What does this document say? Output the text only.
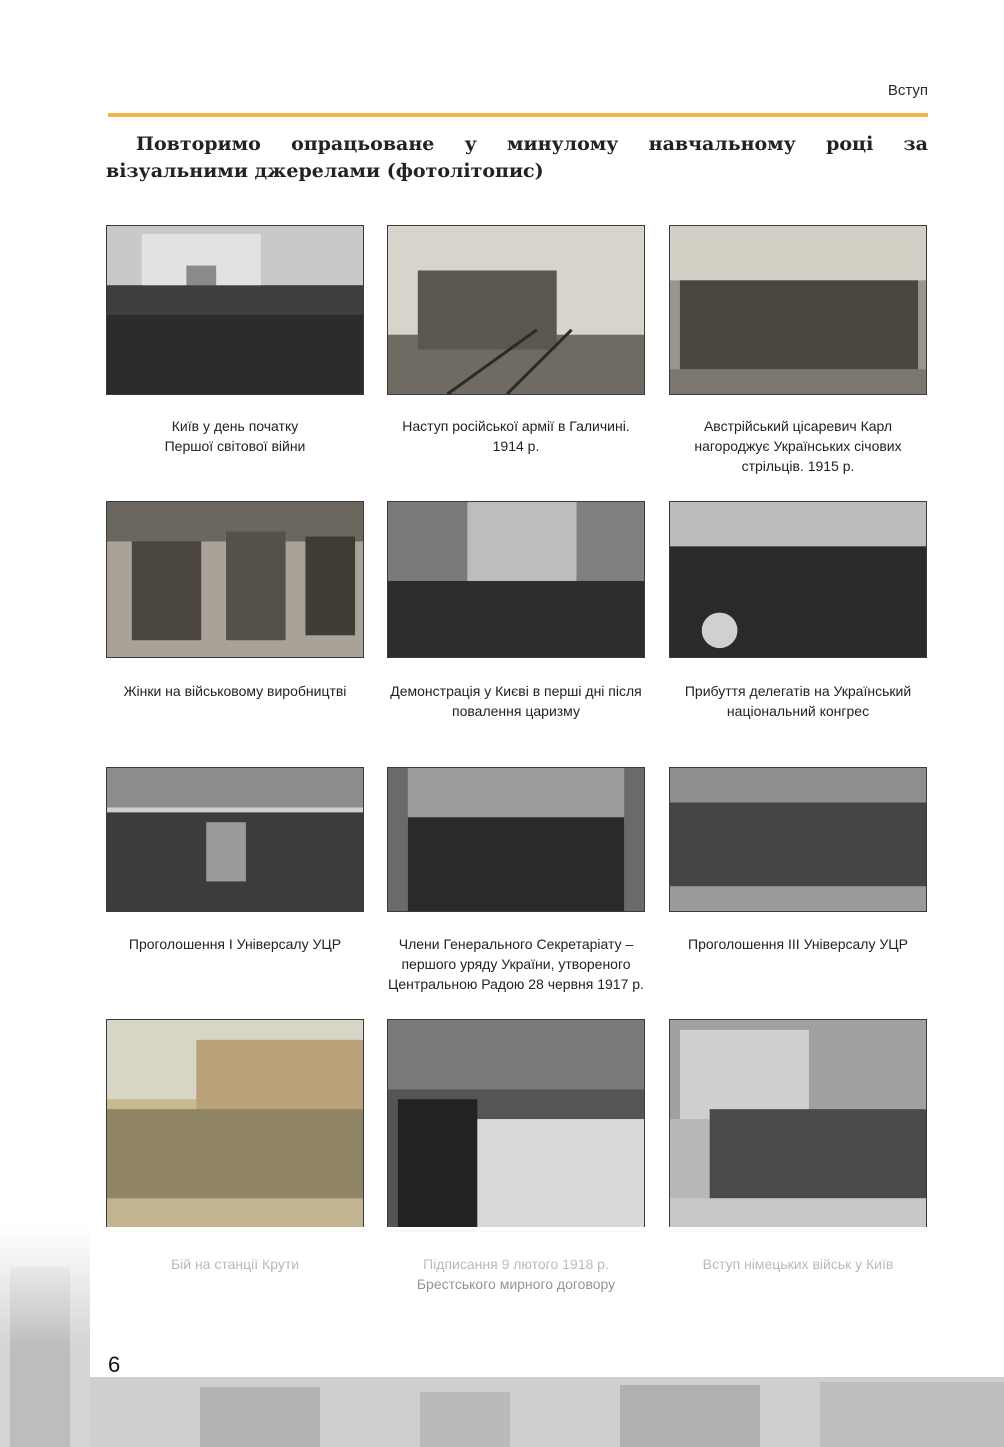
Вступ

Повторимо опрацьоване у минулому навчальному році за візуальними джерелами (фотолітопис)

Київ у день початку
Першої світової війни

Наступ російської армії в Галичині.
1914 р.

Австрійський цісаревич Карл
нагороджує Українських січових
стрільців. 1915 р.

Жінки на військовому виробництві	Демонстрація у Києві в перші дні після
повалення царизму

Прибуття делегатів на Український
національний конгрес

Проголошення І Універсалу УЦР	Члени Генерального Секретаріату –
першого уряду України, утвореного
Центральною Радою 28 червня 1917 р.

Проголошення ІІІ Універсалу УЦР

6
